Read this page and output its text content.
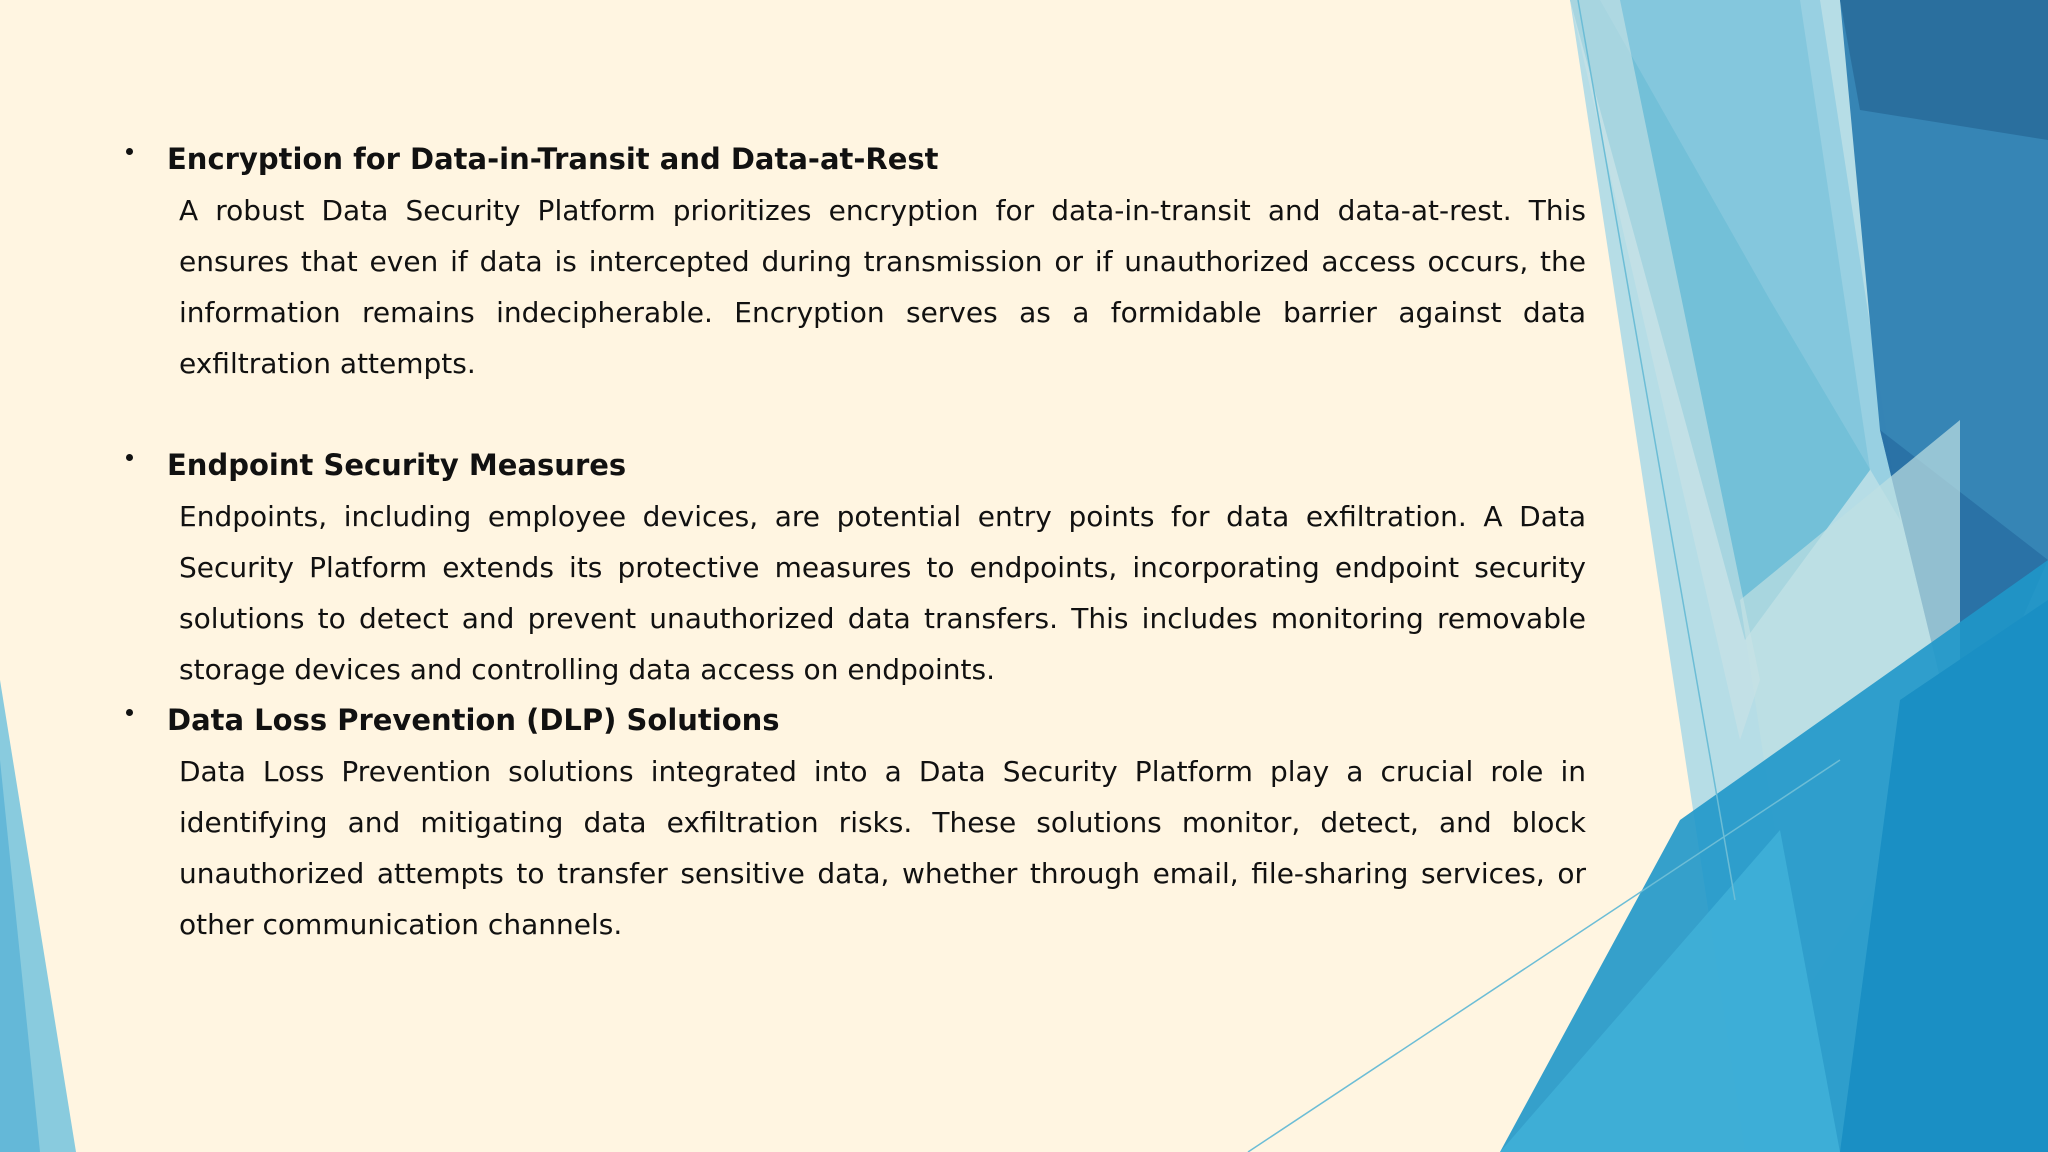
Encryption for Data-in-Transit and Data-at-Rest
A robust Data Security Platform prioritizes encryption for data-in-transit and data-at-rest. This ensures that even if data is intercepted during transmission or if unauthorized access occurs, the information remains indecipherable. Encryption serves as a formidable barrier against data exfiltration attempts.
Endpoint Security Measures
Endpoints, including employee devices, are potential entry points for data exfiltration. A Data Security Platform extends its protective measures to endpoints, incorporating endpoint security solutions to detect and prevent unauthorized data transfers. This includes monitoring removable storage devices and controlling data access on endpoints.
Data Loss Prevention (DLP) Solutions
Data Loss Prevention solutions integrated into a Data Security Platform play a crucial role in identifying and mitigating data exfiltration risks. These solutions monitor, detect, and block unauthorized attempts to transfer sensitive data, whether through email, file-sharing services, or other communication channels.
